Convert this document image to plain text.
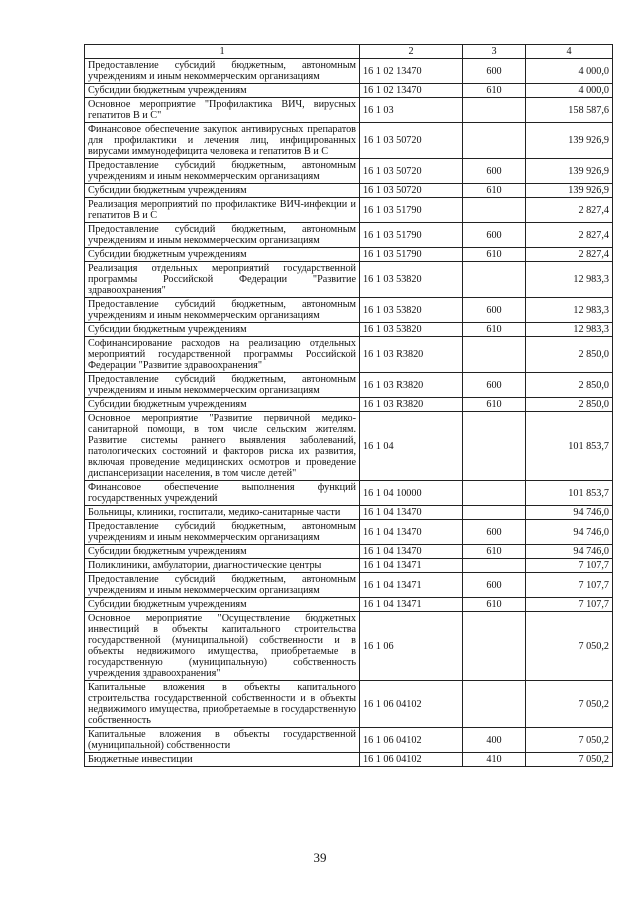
1	2	3	4
Предоставление субсидий бюджетным, автономным учреждениям и иным некоммерческим организациям	16 1 02 13470	600	4 000,0
Субсидии бюджетным учреждениям	16 1 02 13470	610	4 000,0
Основное мероприятие "Профилактика ВИЧ, вирусных гепатитов В и С"	16 1 03		158 587,6
Финансовое обеспечение закупок антивирусных препаратов для профилактики и лечения лиц, инфицированных вирусами иммунодефицита человека и гепатитов В и С	16 1 03 50720		139 926,9
Предоставление субсидий бюджетным, автономным учреждениям и иным некоммерческим организациям	16 1 03 50720	600	139 926,9
Субсидии бюджетным учреждениям	16 1 03 50720	610	139 926,9
Реализация мероприятий по профилактике ВИЧ-инфекции и гепатитов В и С	16 1 03 51790		2 827,4
Предоставление субсидий бюджетным, автономным учреждениям и иным некоммерческим организациям	16 1 03 51790	600	2 827,4
Субсидии бюджетным учреждениям	16 1 03 51790	610	2 827,4
Реализация отдельных мероприятий государственной программы Российской Федерации "Развитие здравоохранения"	16 1 03 53820		12 983,3
Предоставление субсидий бюджетным, автономным учреждениям и иным некоммерческим организациям	16 1 03 53820	600	12 983,3
Субсидии бюджетным учреждениям	16 1 03 53820	610	12 983,3
Софинансирование расходов на реализацию отдельных мероприятий государственной программы Российской Федерации "Развитие здравоохранения"	16 1 03 R3820		2 850,0
Предоставление субсидий бюджетным, автономным учреждениям и иным некоммерческим организациям	16 1 03 R3820	600	2 850,0
Субсидии бюджетным учреждениям	16 1 03 R3820	610	2 850,0
Основное мероприятие "Развитие первичной медико-санитарной помощи, в том числе сельским жителям. Развитие системы раннего выявления заболеваний, патологических состояний и факторов риска их развития, включая проведение медицинских осмотров и проведение диспансеризации населения, в том числе детей"	16 1 04		101 853,7
Финансовое обеспечение выполнения функций государственных учреждений	16 1 04 10000		101 853,7
Больницы, клиники, госпитали, медико-санитарные части	16 1 04 13470		94 746,0
Предоставление субсидий бюджетным, автономным учреждениям и иным некоммерческим организациям	16 1 04 13470	600	94 746,0
Субсидии бюджетным учреждениям	16 1 04 13470	610	94 746,0
Поликлиники, амбулатории, диагностические центры	16 1 04 13471		7 107,7
Предоставление субсидий бюджетным, автономным учреждениям и иным некоммерческим организациям	16 1 04 13471	600	7 107,7
Субсидии бюджетным учреждениям	16 1 04 13471	610	7 107,7
Основное мероприятие "Осуществление бюджетных инвестиций в объекты капитального строительства государственной (муниципальной) собственности и в объекты недвижимого имущества, приобретаемые в государственную (муниципальную) собственность учреждения здравоохранения"	16 1 06		7 050,2
Капитальные вложения в объекты капитального строительства государственной собственности и в объекты недвижимого имущества, приобретаемые в государственную собственность	16 1 06 04102		7 050,2
Капитальные вложения в объекты государственной (муниципальной) собственности	16 1 06 04102	400	7 050,2
Бюджетные инвестиции	16 1 06 04102	410	7 050,2
39
